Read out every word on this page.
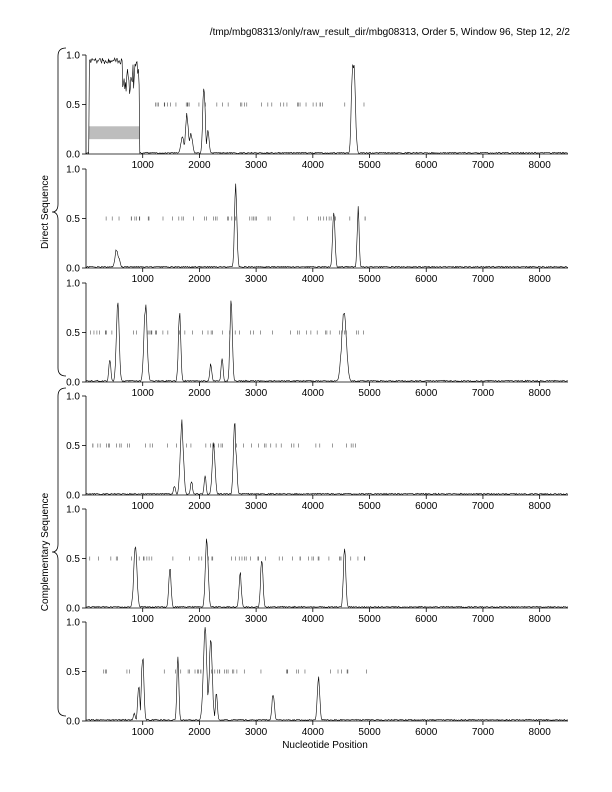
/tmp/mbg08313/only/raw_result_dir/mbg08313, Order 5, Window 96, Step 12, 2/2
Nucleotide Position
Direct Sequence
Complementary Sequence
0.0
0.5
1.0
1000	2000	3000	4000	5000	6000	7000	8000
0.0
0.5
1.0
1000	2000	3000	4000	5000	6000	7000	8000
0.0
0.5
1.0
1000	2000	3000	4000	5000	6000	7000	8000
0.0
0.5
1.0
1000	2000	3000	4000	5000	6000	7000	8000
0.0
0.5
1.0
1000	2000	3000	4000	5000	6000	7000	8000
0.0
0.5
1.0
1000	2000	3000	4000	5000	6000	7000	8000
